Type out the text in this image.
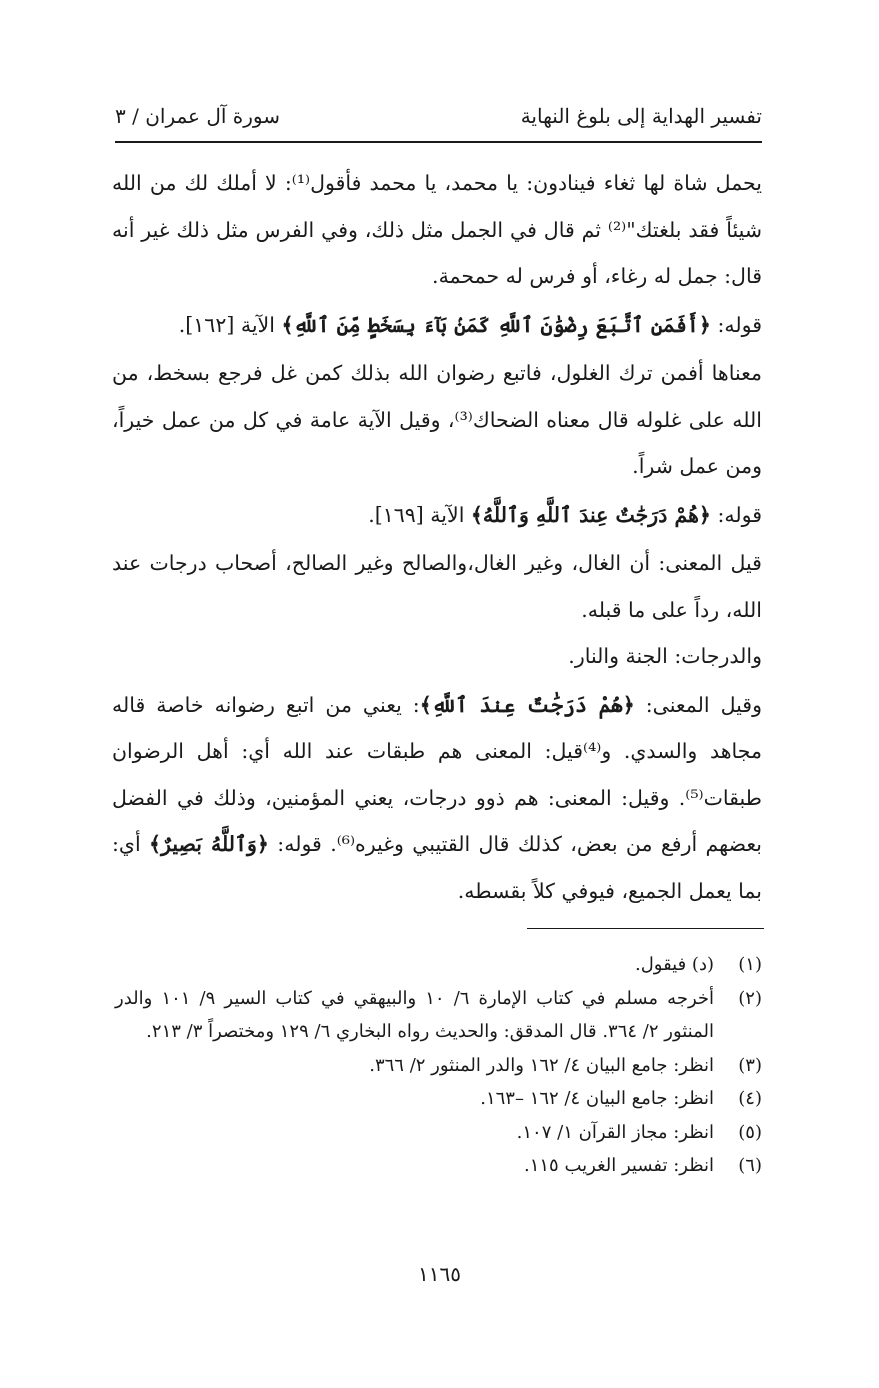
تفسير الهداية إلى بلوغ النهاية
سورة آل عمران / ٣

يحمل شاة لها ثغاء فينادون: يا محمد، يا محمد فأقول⁽¹⁾: لا أملك لك من الله شيئاً فقد بلغتك"⁽²⁾ ثم قال في الجمل مثل ذلك، وفي الفرس مثل ذلك غير أنه قال: جمل له رغاء، أو فرس له حمحمة.

قوله: ﴿أَفَمَنِ ٱتَّبَعَ رِضْوَٰنَ ٱللَّهِ كَمَنۢ بَآءَ بِسَخَطٍ مِّنَ ٱللَّهِ﴾ الآية [١٦٢].

معناها أفمن ترك الغلول، فاتبع رضوان الله بذلك كمن غل فرجع بسخط، من الله على غلوله قال معناه الضحاك⁽³⁾، وقيل الآية عامة في كل من عمل خيراً، ومن عمل شراً.

قوله: ﴿هُمْ دَرَجَٰتٌ عِندَ ٱللَّهِ وَٱللَّهُ﴾ الآية [١٦٩].

قيل المعنى: أن الغال، وغير الغال،والصالح وغير الصالح، أصحاب درجات عند الله، رداً على ما قبله.

والدرجات: الجنة والنار.

وقيل المعنى: ﴿هُمْ دَرَجَٰتٌ عِندَ ٱللَّهِ﴾: يعني من اتبع رضوانه خاصة قاله مجاهد والسدي. و⁽⁴⁾قيل: المعنى هم طبقات عند الله أي: أهل الرضوان طبقات⁽⁵⁾. وقيل: المعنى: هم ذوو درجات، يعني المؤمنين، وذلك في الفضل بعضهم أرفع من بعض، كذلك قال القتيبي وغيره⁽⁶⁾. قوله: ﴿وَٱللَّهُ بَصِيرٌ﴾ أي: بما يعمل الجميع، فيوفي كلاً بقسطه.

(١)
(د) فيقول.
(٢)
أخرجه مسلم في كتاب الإمارة ٦/ ١٠ والبيهقي في كتاب السير ٩/ ١٠١ والدر المنثور ٢/ ٣٦٤. قال المدقق: والحديث رواه البخاري ٦/ ١٢٩ ومختصراً ٣/ ٢١٣.
(٣)
انظر: جامع البيان ٤/ ١٦٢ والدر المنثور ٢/ ٣٦٦.
(٤)
انظر: جامع البيان ٤/ ١٦٢ –١٦٣.
(٥)
انظر: مجاز القرآن ١/ ١٠٧.
(٦)
انظر: تفسير الغريب ١١٥.
١١٦٥
